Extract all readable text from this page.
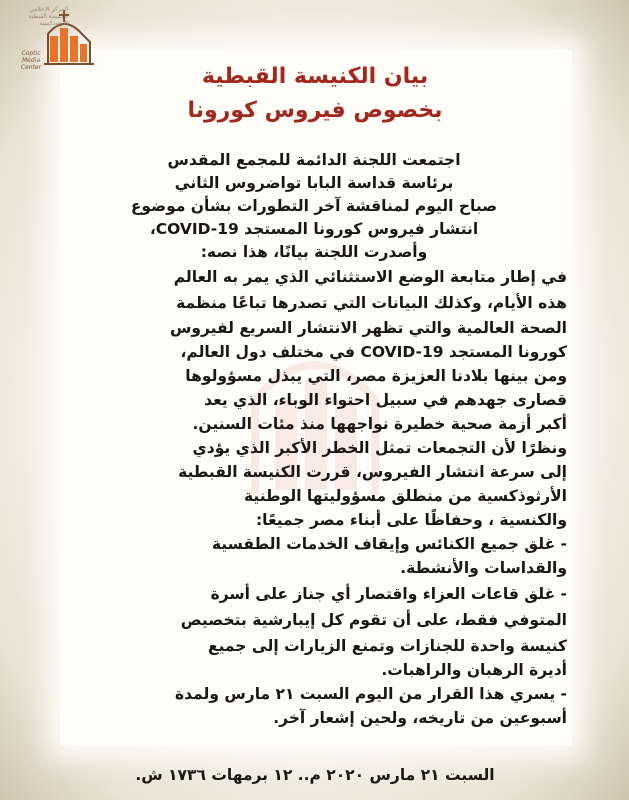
المركز الإعلامي للكنيسة القبطية الأرثوذكسية
Coptic Media Center	بيان الكنيسة القبطية
بخصوص فيروس كورونا
اجتمعت اللجنة الدائمة للمجمع المقدس
برئاسة قداسة البابا تواضروس الثاني
صباح اليوم لمناقشة آخر التطورات بشأن موضوع
انتشار فيروس كورونا المستجد COVID-19،
وأصدرت اللجنة بيانًا، هذا نصه:
في إطار متابعة الوضع الاستثنائي الذي يمر به العالم
هذه الأيام، وكذلك البيانات التي تصدرها تباعًا منظمة
الصحة العالمية والتي تظهر الانتشار السريع لفيروس
كورونا المستجد COVID-19 في مختلف دول العالم،
ومن بينها بلادنا العزيزة مصر، التي يبذل مسؤولوها
قصارى جهدهم في سبيل احتواء الوباء، الذي يعد
أكبر أزمة صحية خطيرة نواجهها منذ مئات السنين.
ونظرًا لأن التجمعات تمثل الخطر الأكبر الذي يؤدي
إلى سرعة انتشار الفيروس، قررت الكنيسة القبطية
الأرثوذكسية من منطلق مسؤوليتها الوطنية
والكنسية ، وحفاظًا على أبناء مصر جميعًا:
- غلق جميع الكنائس وإيقاف الخدمات الطقسية
والقداسات والأنشطة.
- غلق قاعات العزاء واقتصار أي جناز على أسرة
المتوفي فقط، على أن تقوم كل إيبارشية بتخصيص
كنيسة واحدة للجنازات وتمنع الزيارات إلى جميع
أديرة الرهبان والراهبات.
- يسري هذا القرار من اليوم السبت ٢١ مارس ولمدة
أسبوعين من تاريخه، ولحين إشعار آخر.
السبت ٢١ مارس ٢٠٢٠ م.. ١٢ برمهات ١٧٣٦ ش.
